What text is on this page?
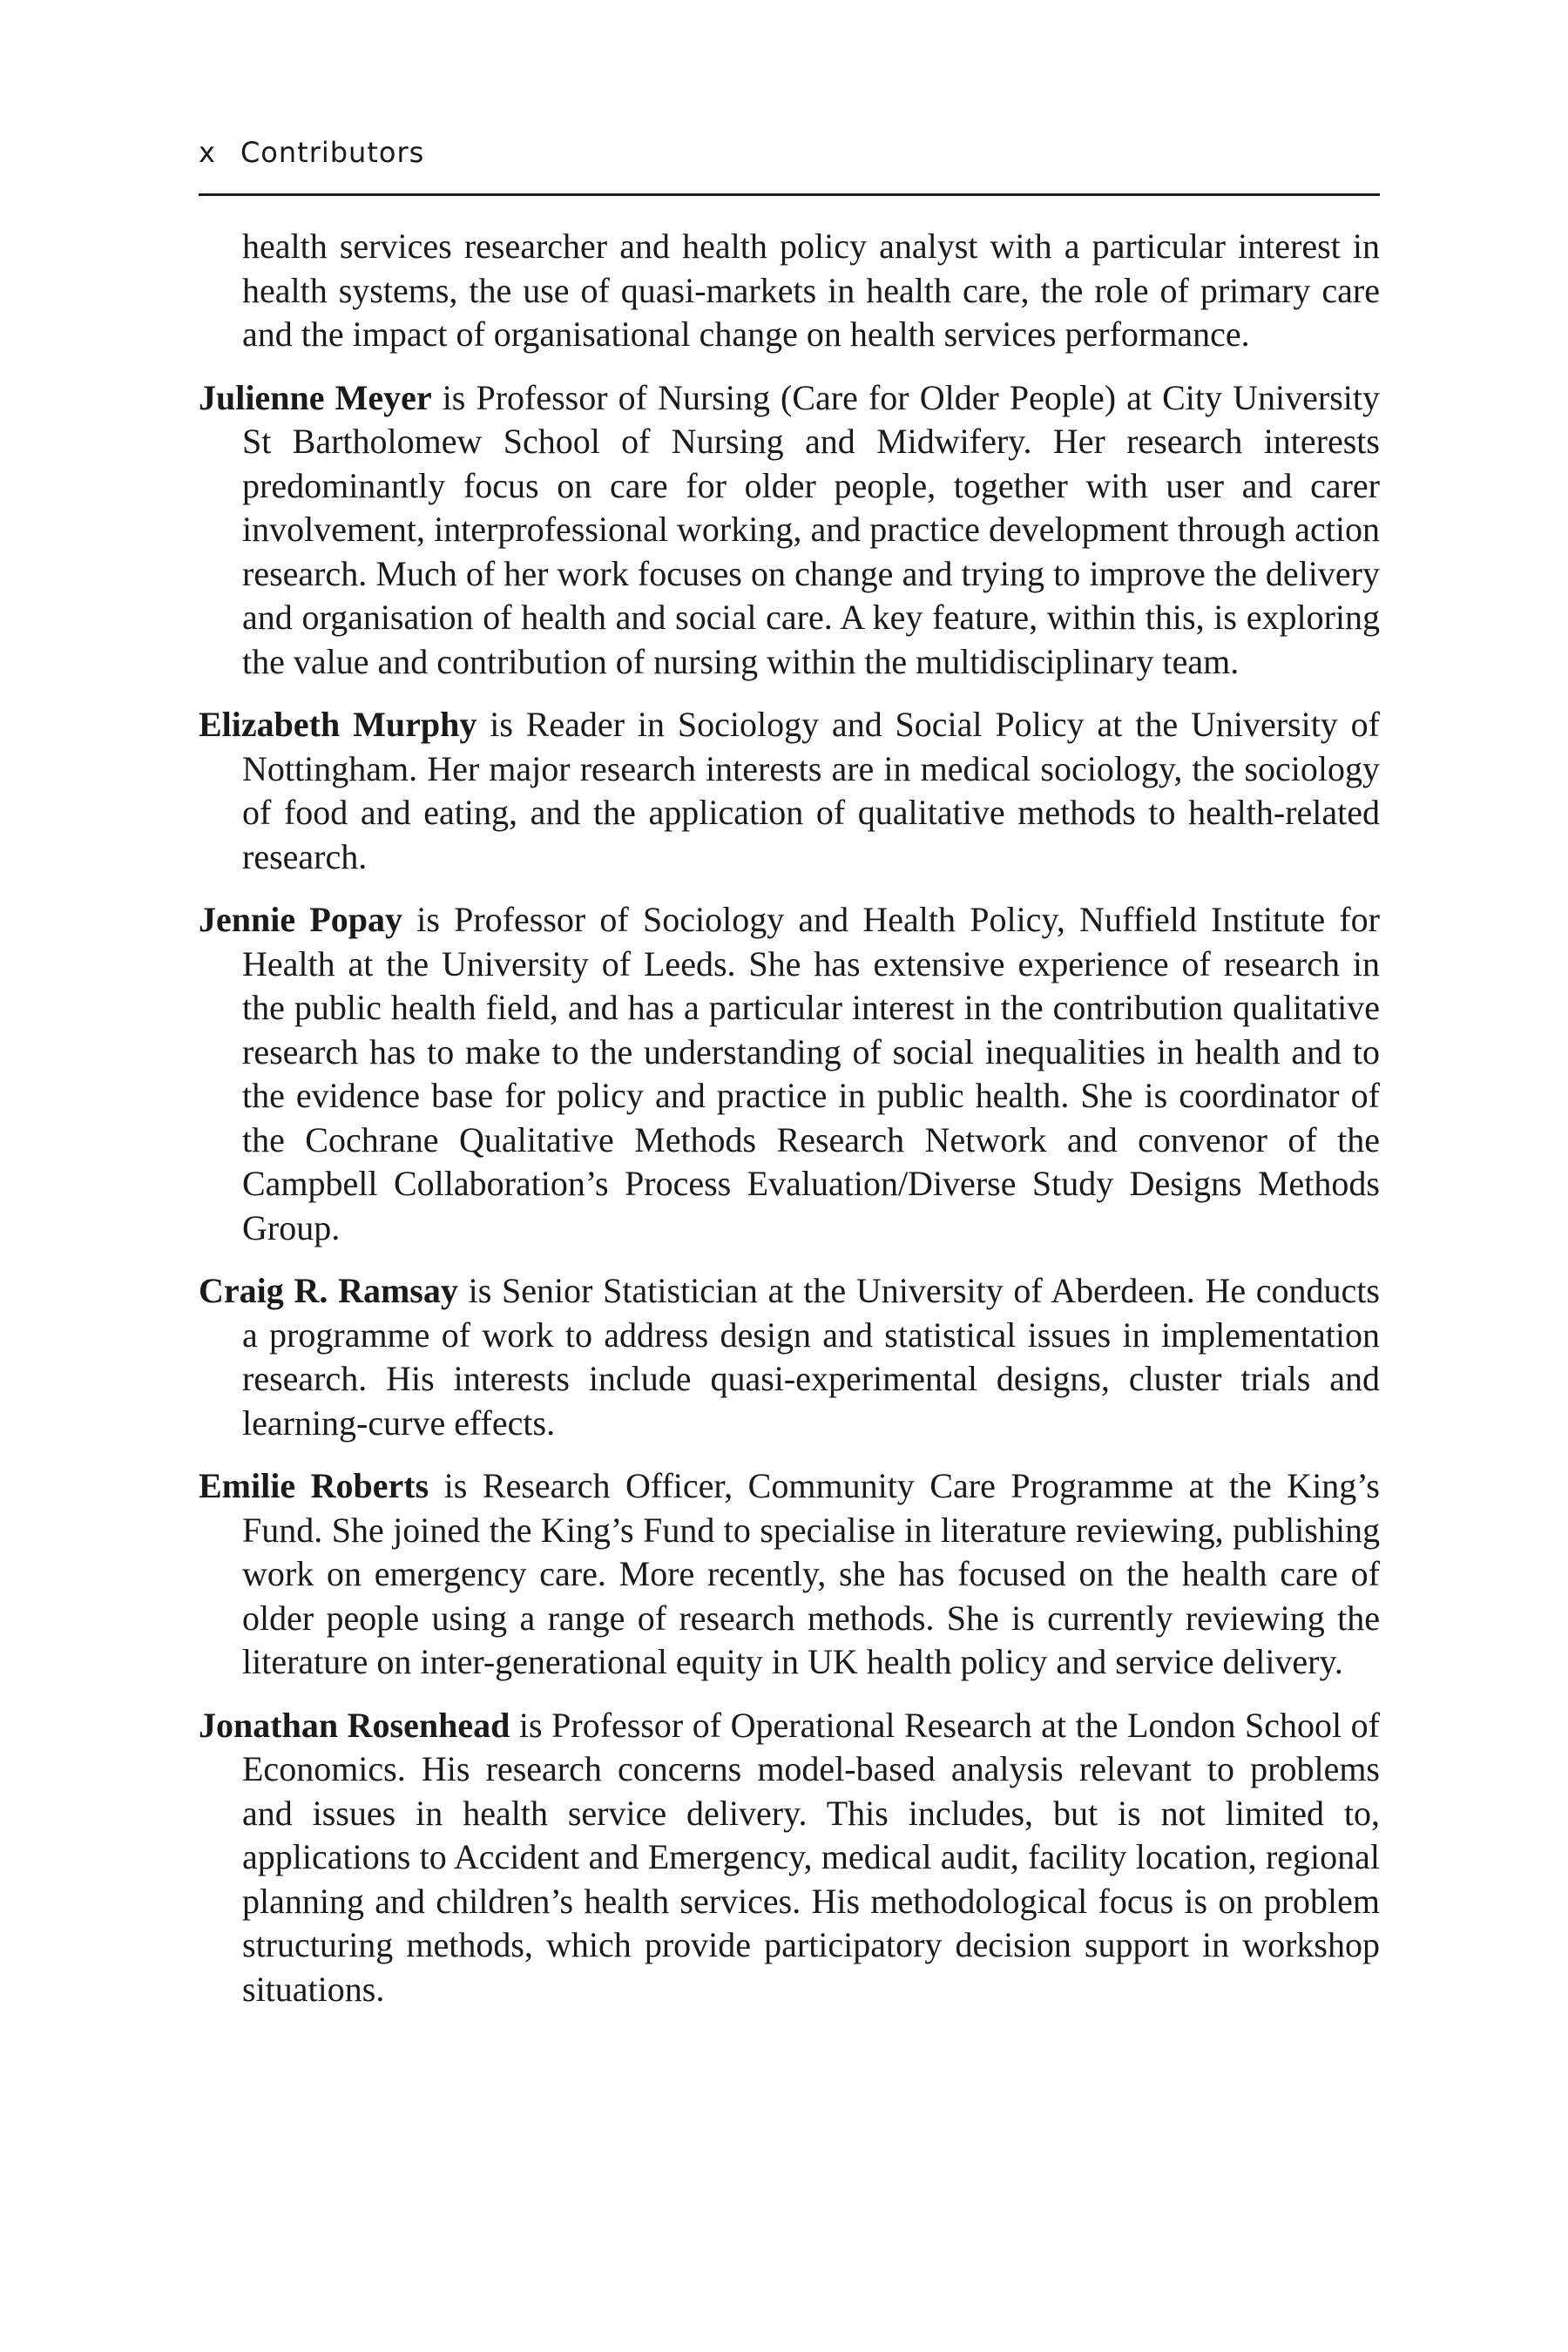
x Contributors

health services researcher and health policy analyst with a particular interest in health systems, the use of quasi-markets in health care, the role of primary care and the impact of organisational change on health services performance.

Julienne Meyer is Professor of Nursing (Care for Older People) at City University St Bartholomew School of Nursing and Midwifery. Her research interests predominantly focus on care for older people, together with user and carer involvement, interprofessional working, and practice development through action research. Much of her work focuses on change and trying to improve the delivery and organisation of health and social care. A key feature, within this, is exploring the value and contribution of nursing within the multidisciplinary team.

Elizabeth Murphy is Reader in Sociology and Social Policy at the University of Nottingham. Her major research interests are in medical sociology, the sociology of food and eating, and the application of qualitative methods to health-related research.

Jennie Popay is Professor of Sociology and Health Policy, Nuffield Institute for Health at the University of Leeds. She has extensive experience of research in the public health field, and has a particular interest in the contribution qualitative research has to make to the understanding of social inequalities in health and to the evidence base for policy and practice in public health. She is coordinator of the Cochrane Qualitative Methods Research Network and convenor of the Campbell Collaboration’s Process Evaluation/Diverse Study Designs Methods Group.

Craig R. Ramsay is Senior Statistician at the University of Aberdeen. He conducts a programme of work to address design and statistical issues in implementation research. His interests include quasi-experimental designs, cluster trials and learning-curve effects.

Emilie Roberts is Research Officer, Community Care Programme at the King’s Fund. She joined the King’s Fund to specialise in literature reviewing, publishing work on emergency care. More recently, she has focused on the health care of older people using a range of research methods. She is currently reviewing the literature on inter-generational equity in UK health policy and service delivery.

Jonathan Rosenhead is Professor of Operational Research at the London School of Economics. His research concerns model-based analysis relevant to problems and issues in health service delivery. This includes, but is not limited to, applications to Accident and Emergency, medical audit, facility location, regional planning and children’s health services. His methodological focus is on problem structuring methods, which provide participatory decision support in workshop situations.
